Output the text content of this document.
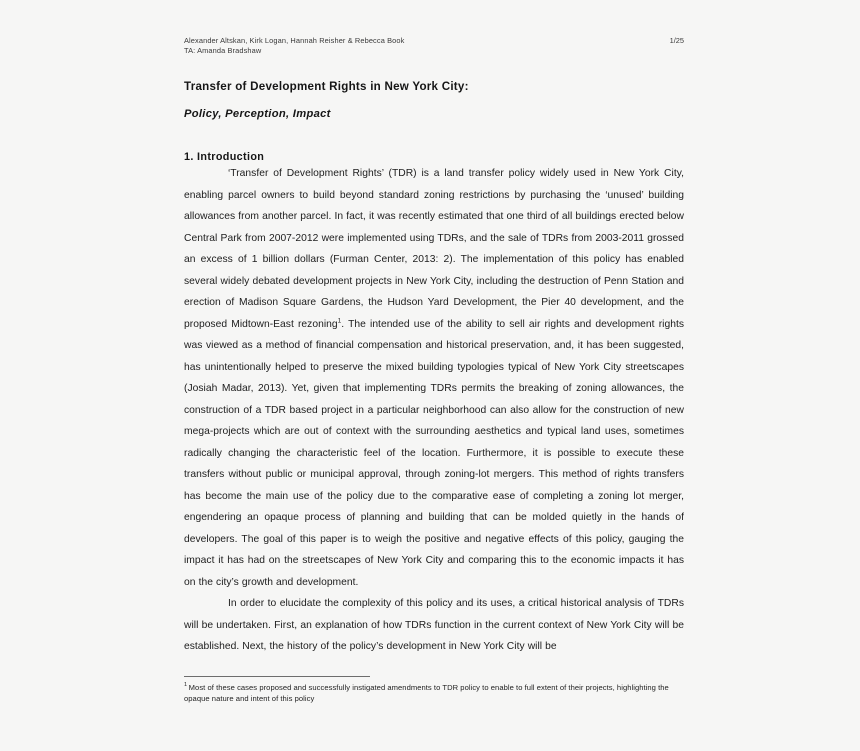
Alexander Altskan, Kirk Logan, Hannah Reisher & Rebecca Book
TA: Amanda Bradshaw
1/25
Transfer of Development Rights in New York City:
Policy, Perception, Impact
1. Introduction

‘Transfer of Development Rights’ (TDR) is a land transfer policy widely used in New York City, enabling parcel owners to build beyond standard zoning restrictions by purchasing the ‘unused’ building allowances from another parcel. In fact, it was recently estimated that one third of all buildings erected below Central Park from 2007-2012 were implemented using TDRs, and the sale of TDRs from 2003-2011 grossed an excess of 1 billion dollars (Furman Center, 2013: 2). The implementation of this policy has enabled several widely debated development projects in New York City, including the destruction of Penn Station and erection of Madison Square Gardens, the Hudson Yard Development, the Pier 40 development, and the proposed Midtown-East rezoning$^1$. The intended use of the ability to sell air rights and development rights was viewed as a method of financial compensation and historical preservation, and, it has been suggested, has unintentionally helped to preserve the mixed building typologies typical of New York City streetscapes (Josiah Madar, 2013). Yet, given that implementing TDRs permits the breaking of zoning allowances, the construction of a TDR based project in a particular neighborhood can also allow for the construction of new mega-projects which are out of context with the surrounding aesthetics and typical land uses, sometimes radically changing the characteristic feel of the location. Furthermore, it is possible to execute these transfers without public or municipal approval, through zoning-lot mergers. This method of rights transfers has become the main use of the policy due to the comparative ease of completing a zoning lot merger, engendering an opaque process of planning and building that can be molded quietly in the hands of developers. The goal of this paper is to weigh the positive and negative effects of this policy, gauging the impact it has had on the streetscapes of New York City and comparing this to the economic impacts it has on the city’s growth and development.

In order to elucidate the complexity of this policy and its uses, a critical historical analysis of TDRs will be undertaken. First, an explanation of how TDRs function in the current context of New York City will be established. Next, the history of the policy’s development in New York City will be

$^1$ Most of these cases proposed and successfully instigated amendments to TDR policy to enable to full extent of their projects, highlighting the opaque nature and intent of this policy
